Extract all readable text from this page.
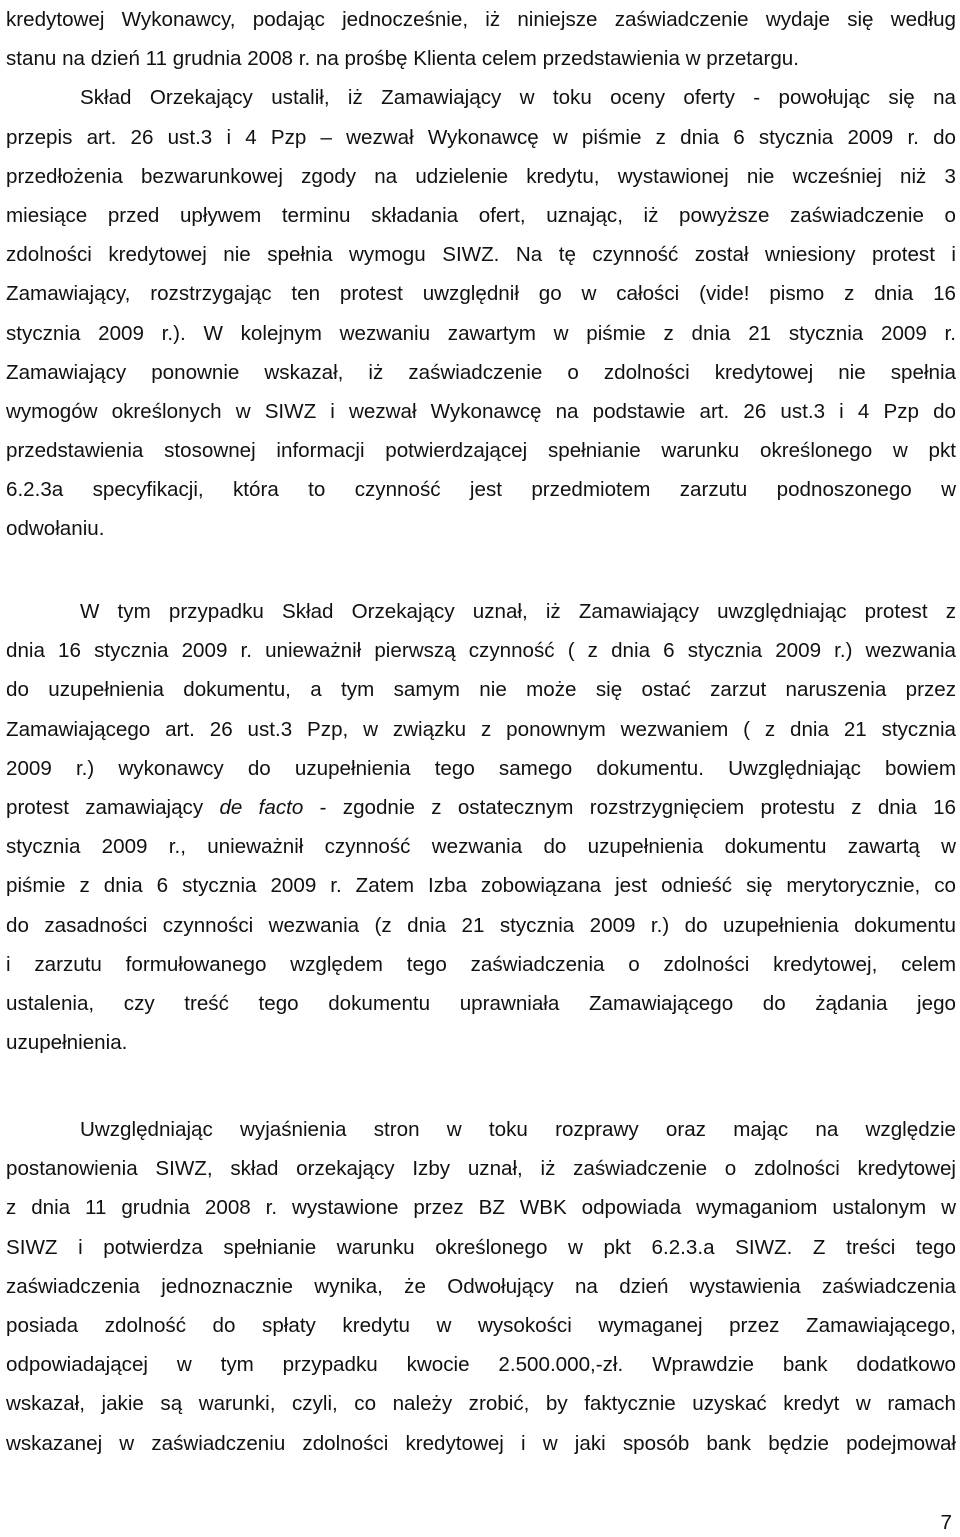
kredytowej Wykonawcy, podając jednocześnie, iż niniejsze zaświadczenie wydaje się według
stanu na dzień 11 grudnia 2008 r. na prośbę Klienta celem przedstawienia w przetargu.
Skład Orzekający ustalił, iż Zamawiający w toku oceny oferty - powołując się na
przepis art. 26 ust.3 i 4 Pzp – wezwał Wykonawcę w piśmie z dnia 6 stycznia 2009 r. do
przedłożenia bezwarunkowej zgody na udzielenie kredytu, wystawionej nie wcześniej niż 3
miesiące przed upływem terminu składania ofert, uznając, iż powyższe zaświadczenie o
zdolności kredytowej nie spełnia wymogu SIWZ. Na tę czynność został wniesiony protest i
Zamawiający, rozstrzygając ten protest uwzględnił go w całości (vide! pismo z dnia 16
stycznia 2009 r.). W kolejnym wezwaniu zawartym w piśmie z dnia 21 stycznia 2009 r.
Zamawiający ponownie wskazał, iż zaświadczenie o zdolności kredytowej nie spełnia
wymogów określonych w SIWZ i wezwał Wykonawcę na podstawie art. 26 ust.3 i 4 Pzp do
przedstawienia stosownej informacji potwierdzającej spełnianie warunku określonego w pkt
6.2.3a specyfikacji, która to czynność jest przedmiotem zarzutu podnoszonego w
odwołaniu.
W tym przypadku Skład Orzekający uznał, iż Zamawiający uwzględniając protest z
dnia 16 stycznia 2009 r. unieważnił pierwszą czynność ( z dnia 6 stycznia 2009 r.) wezwania
do uzupełnienia dokumentu, a tym samym nie może się ostać zarzut naruszenia przez
Zamawiającego art. 26 ust.3 Pzp, w związku z ponownym wezwaniem ( z dnia 21 stycznia
2009 r.) wykonawcy do uzupełnienia tego samego dokumentu. Uwzględniając bowiem
protest zamawiający de facto - zgodnie z ostatecznym rozstrzygnięciem protestu z dnia 16
stycznia 2009 r., unieważnił czynność wezwania do uzupełnienia dokumentu zawartą w
piśmie z dnia 6 stycznia 2009 r. Zatem Izba zobowiązana jest odnieść się merytorycznie, co
do zasadności czynności wezwania (z dnia 21 stycznia 2009 r.) do uzupełnienia dokumentu
i zarzutu formułowanego względem tego zaświadczenia o zdolności kredytowej, celem
ustalenia, czy treść tego dokumentu uprawniała Zamawiającego do żądania jego
uzupełnienia.
Uwzględniając wyjaśnienia stron w toku rozprawy oraz mając na względzie
postanowienia SIWZ, skład orzekający Izby uznał, iż zaświadczenie o zdolności kredytowej
z dnia 11 grudnia 2008 r. wystawione przez BZ WBK odpowiada wymaganiom ustalonym w
SIWZ i potwierdza spełnianie warunku określonego w pkt 6.2.3.a SIWZ. Z treści tego
zaświadczenia jednoznacznie wynika, że Odwołujący na dzień wystawienia zaświadczenia
posiada zdolność do spłaty kredytu w wysokości wymaganej przez Zamawiającego,
odpowiadającej w tym przypadku kwocie 2.500.000,-zł. Wprawdzie bank dodatkowo
wskazał, jakie są warunki, czyli, co należy zrobić, by faktycznie uzyskać kredyt w ramach
wskazanej w zaświadczeniu zdolności kredytowej i w jaki sposób bank będzie podejmował
7
